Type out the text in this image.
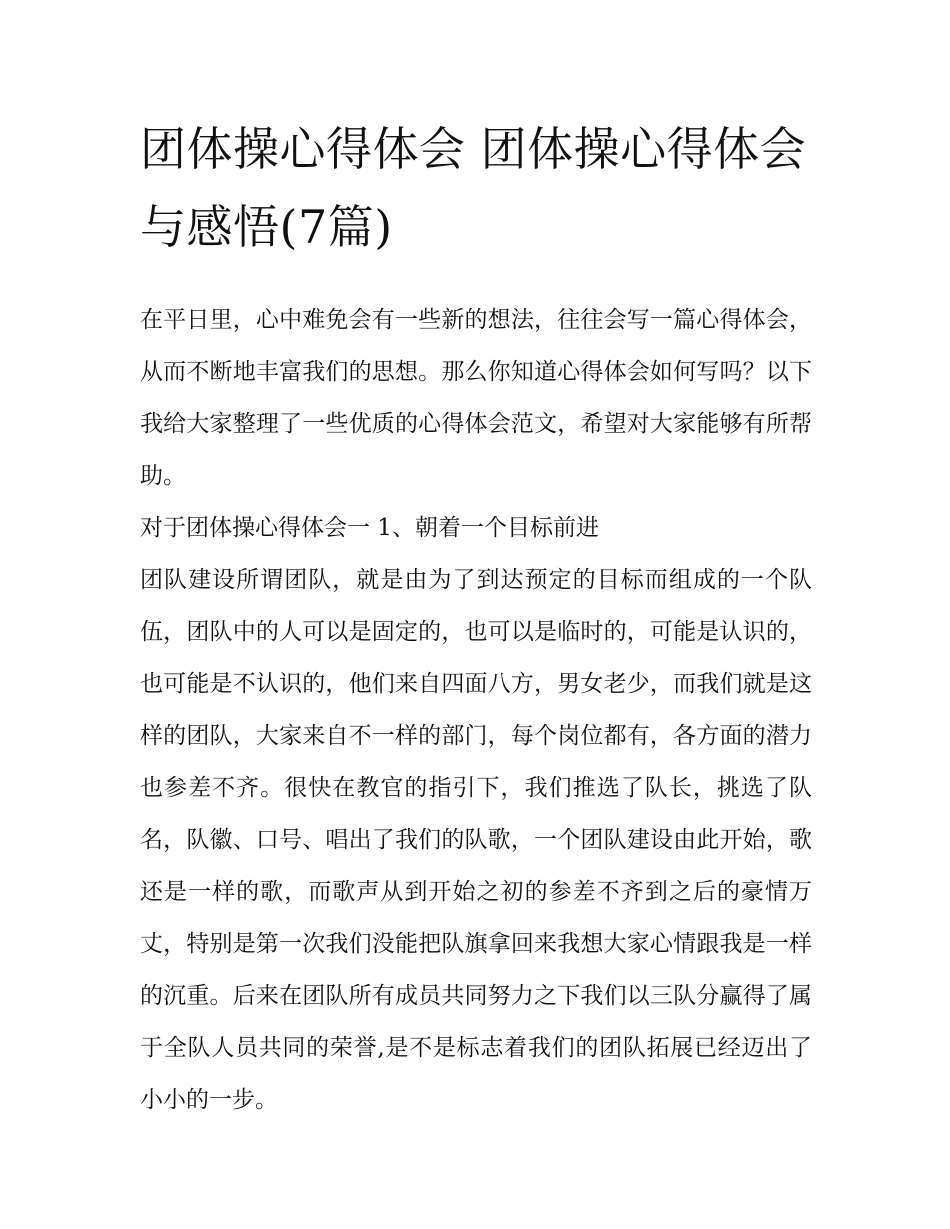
团体操心得体会 团体操心得体会与感悟(7篇)

在平日里，心中难免会有一些新的想法，往往会写一篇心得体会，从而不断地丰富我们的思想。那么你知道心得体会如何写吗？以下我给大家整理了一些优质的心得体会范文，希望对大家能够有所帮助。

对于团体操心得体会一 1、朝着一个目标前进

团队建设所谓团队，就是由为了到达预定的目标而组成的一个队伍，团队中的人可以是固定的，也可以是临时的，可能是认识的，也可能是不认识的，他们来自四面八方，男女老少，而我们就是这样的团队，大家来自不一样的部门，每个岗位都有，各方面的潜力也参差不齐。很快在教官的指引下，我们推选了队长，挑选了队名，队徽、口号、唱出了我们的队歌，一个团队建设由此开始，歌还是一样的歌，而歌声从到开始之初的参差不齐到之后的豪情万丈，特别是第一次我们没能把队旗拿回来我想大家心情跟我是一样的沉重。后来在团队所有成员共同努力之下我们以三队分赢得了属于全队人员共同的荣誉,是不是标志着我们的团队拓展已经迈出了小小的一步。
